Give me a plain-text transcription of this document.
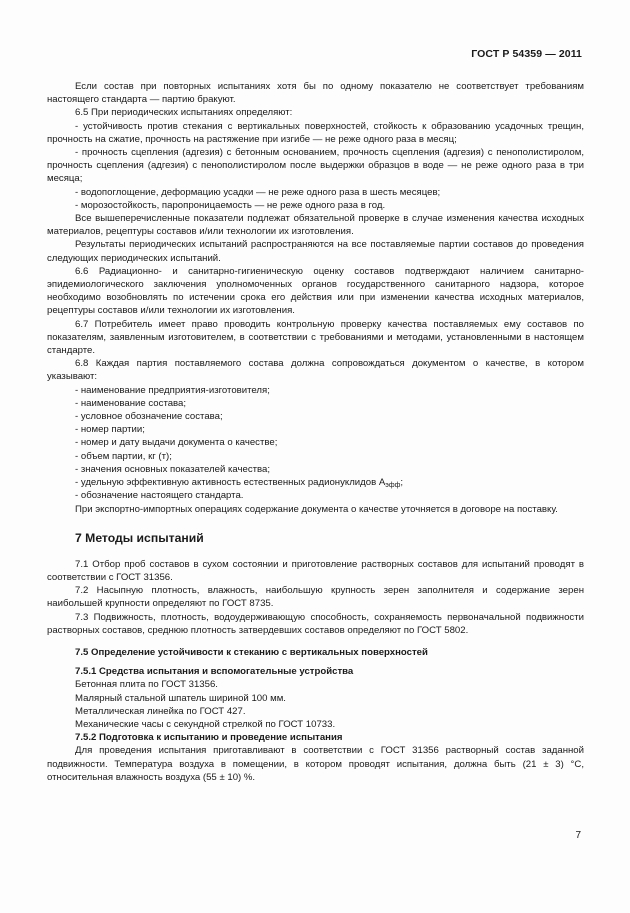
ГОСТ Р 54359 — 2011

Если состав при повторных испытаниях хотя бы по одному показателю не соответствует требованиям настоящего стандарта — партию бракуют.

6.5 При периодических испытаниях определяют:

- устойчивость против стекания с вертикальных поверхностей, стойкость к образованию усадочных трещин, прочность на сжатие, прочность на растяжение при изгибе — не реже одного раза в месяц;

- прочность сцепления (адгезия) с бетонным основанием, прочность сцепления (адгезия) с пенополистиролом, прочность сцепления (адгезия) с пенополистиролом после выдержки образцов в воде — не реже одного раза в три месяца;

- водопоглощение, деформацию усадки — не реже одного раза в шесть месяцев;

- морозостойкость, паропроницаемость — не реже одного раза в год.

Все вышеперечисленные показатели подлежат обязательной проверке в случае изменения качества исходных материалов, рецептуры составов и/или технологии их изготовления.

Результаты периодических испытаний распространяются на все поставляемые партии составов до проведения следующих периодических испытаний.

6.6 Радиационно- и санитарно-гигиеническую оценку составов подтверждают наличием санитарно-эпидемиологического заключения уполномоченных органов государственного санитарного надзора, которое необходимо возобновлять по истечении срока его действия или при изменении качества исходных материалов, рецептуры составов и/или технологии их изготовления.

6.7 Потребитель имеет право проводить контрольную проверку качества поставляемых ему составов по показателям, заявленным изготовителем, в соответствии с требованиями и методами, установленными в настоящем стандарте.

6.8 Каждая партия поставляемого состава должна сопровождаться документом о качестве, в котором указывают:

- наименование предприятия-изготовителя;

- наименование состава;

- условное обозначение состава;

- номер партии;

- номер и дату выдачи документа о качестве;

- объем партии, кг (т);

- значения основных показателей качества;

- удельную эффективную активность естественных радионуклидов $А_{эфф}$;

- обозначение настоящего стандарта.

При экспортно-импортных операциях содержание документа о качестве уточняется в договоре на поставку.

7 Методы испытаний

7.1 Отбор проб составов в сухом состоянии и приготовление растворных составов для испытаний проводят в соответствии с ГОСТ 31356.

7.2 Насыпную плотность, влажность, наибольшую крупность зерен заполнителя и содержание зерен наибольшей крупности определяют по ГОСТ 8735.

7.3 Подвижность, плотность, водоудерживающую способность, сохраняемость первоначальной подвижности растворных составов, среднюю плотность затвердевших составов определяют по ГОСТ 5802.

7.5 Определение устойчивости к стеканию с вертикальных поверхностей

7.5.1 Средства испытания и вспомогательные устройства

Бетонная плита по ГОСТ 31356.

Малярный стальной шпатель шириной 100 мм.

Металлическая линейка по ГОСТ 427.

Механические часы с секундной стрелкой по ГОСТ 10733.

7.5.2 Подготовка к испытанию и проведение испытания

Для проведения испытания приготавливают в соответствии с ГОСТ 31356 растворный состав заданной подвижности. Температура воздуха в помещении, в котором проводят испытания, должна быть (21 ± 3) °С, относительная влажность воздуха (55 ± 10) %.

7
